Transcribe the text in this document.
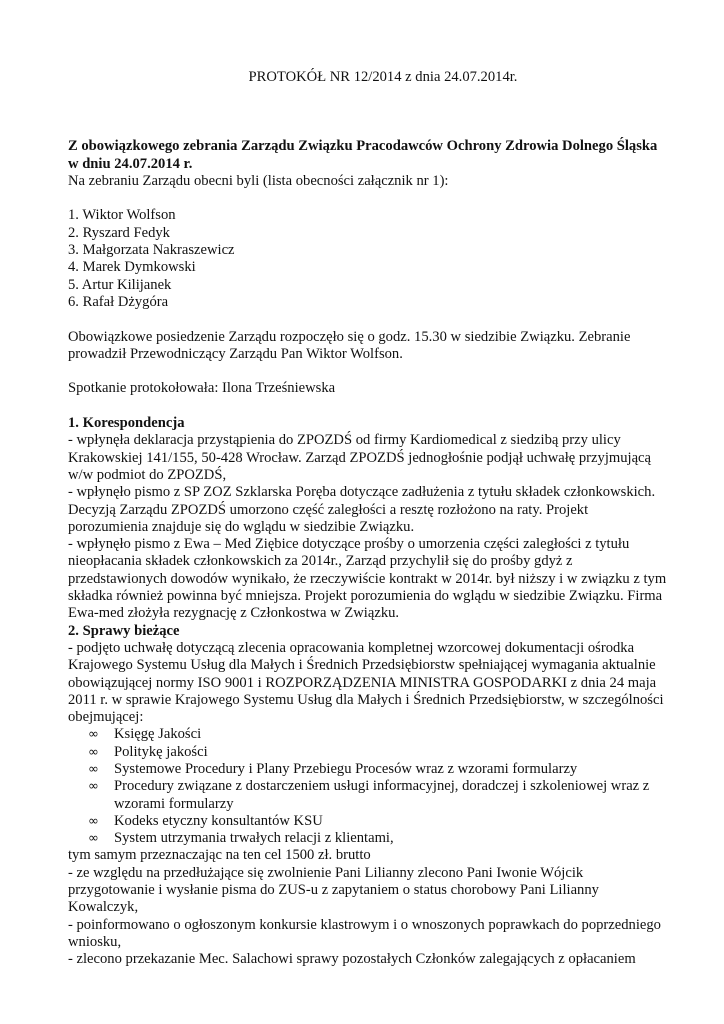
PROTOKÓŁ NR 12/2014 z dnia 24.07.2014r.

Z obowiązkowego zebrania Zarządu Związku Pracodawców Ochrony Zdrowia Dolnego Śląska w dniu 24.07.2014 r.

Na zebraniu Zarządu obecni byli (lista obecności załącznik nr 1):

1. Wiktor Wolfson
2. Ryszard Fedyk
3. Małgorzata Nakraszewicz
4. Marek Dymkowski
5. Artur Kilijanek
6. Rafał Dżygóra

Obowiązkowe posiedzenie Zarządu rozpoczęło się o godz. 15.30 w siedzibie Związku. Zebranie prowadził Przewodniczący Zarządu Pan Wiktor Wolfson.

Spotkanie protokołowała: Ilona Trześniewska

1. Korespondencja

- wpłynęła deklaracja przystąpienia do ZPOZDŚ od firmy Kardiomedical z siedzibą przy ulicy Krakowskiej 141/155, 50-428 Wrocław. Zarząd ZPOZDŚ jednogłośnie podjął uchwałę przyjmującą w/w podmiot do ZPOZDŚ,

- wpłynęło pismo z SP ZOZ Szklarska Poręba dotyczące zadłużenia z tytułu składek członkowskich. Decyzją Zarządu ZPOZDŚ umorzono część zaległości a resztę rozłożono na raty. Projekt porozumienia znajduje się do wglądu w siedzibie Związku.

- wpłynęło pismo z Ewa – Med Ziębice dotyczące prośby o umorzenia części zaległości z tytułu nieopłacania składek członkowskich za 2014r., Zarząd przychylił się do prośby gdyż z przedstawionych dowodów wynikało, że rzeczywiście kontrakt w 2014r. był niższy i w związku z tym składka również powinna być mniejsza. Projekt porozumienia do wglądu w siedzibie Związku. Firma Ewa-med złożyła rezygnację z Członkostwa w Związku.

2. Sprawy bieżące

- podjęto uchwałę dotyczącą zlecenia opracowania kompletnej wzorcowej dokumentacji ośrodka Krajowego Systemu Usług dla Małych i Średnich Przedsiębiorstw spełniającej wymagania aktualnie obowiązującej normy ISO 9001 i ROZPORZĄDZENIA MINISTRA GOSPODARKI z dnia 24 maja 2011 r. w sprawie Krajowego Systemu Usług dla Małych i Średnich Przedsiębiorstw, w szczególności obejmującej:

∞ Księgę Jakości
∞ Politykę jakości
∞ Systemowe Procedury i Plany Przebiegu Procesów wraz z wzorami formularzy
∞ Procedury związane z dostarczeniem usługi informacyjnej, doradczej i szkoleniowej wraz z wzorami formularzy
∞ Kodeks etyczny konsultantów KSU
∞ System utrzymania trwałych relacji z klientami,

tym samym przeznaczając na ten cel 1500 zł. brutto

- ze względu na przedłużające się zwolnienie Pani Lilianny zlecono Pani Iwonie Wójcik przygotowanie i wysłanie pisma do ZUS-u z zapytaniem o status chorobowy Pani Lilianny Kowalczyk,

- poinformowano o ogłoszonym konkursie klastrowym i o wnoszonych poprawkach do poprzedniego wniosku,

- zlecono przekazanie Mec. Salachowi sprawy pozostałych Członków zalegających z opłacaniem
